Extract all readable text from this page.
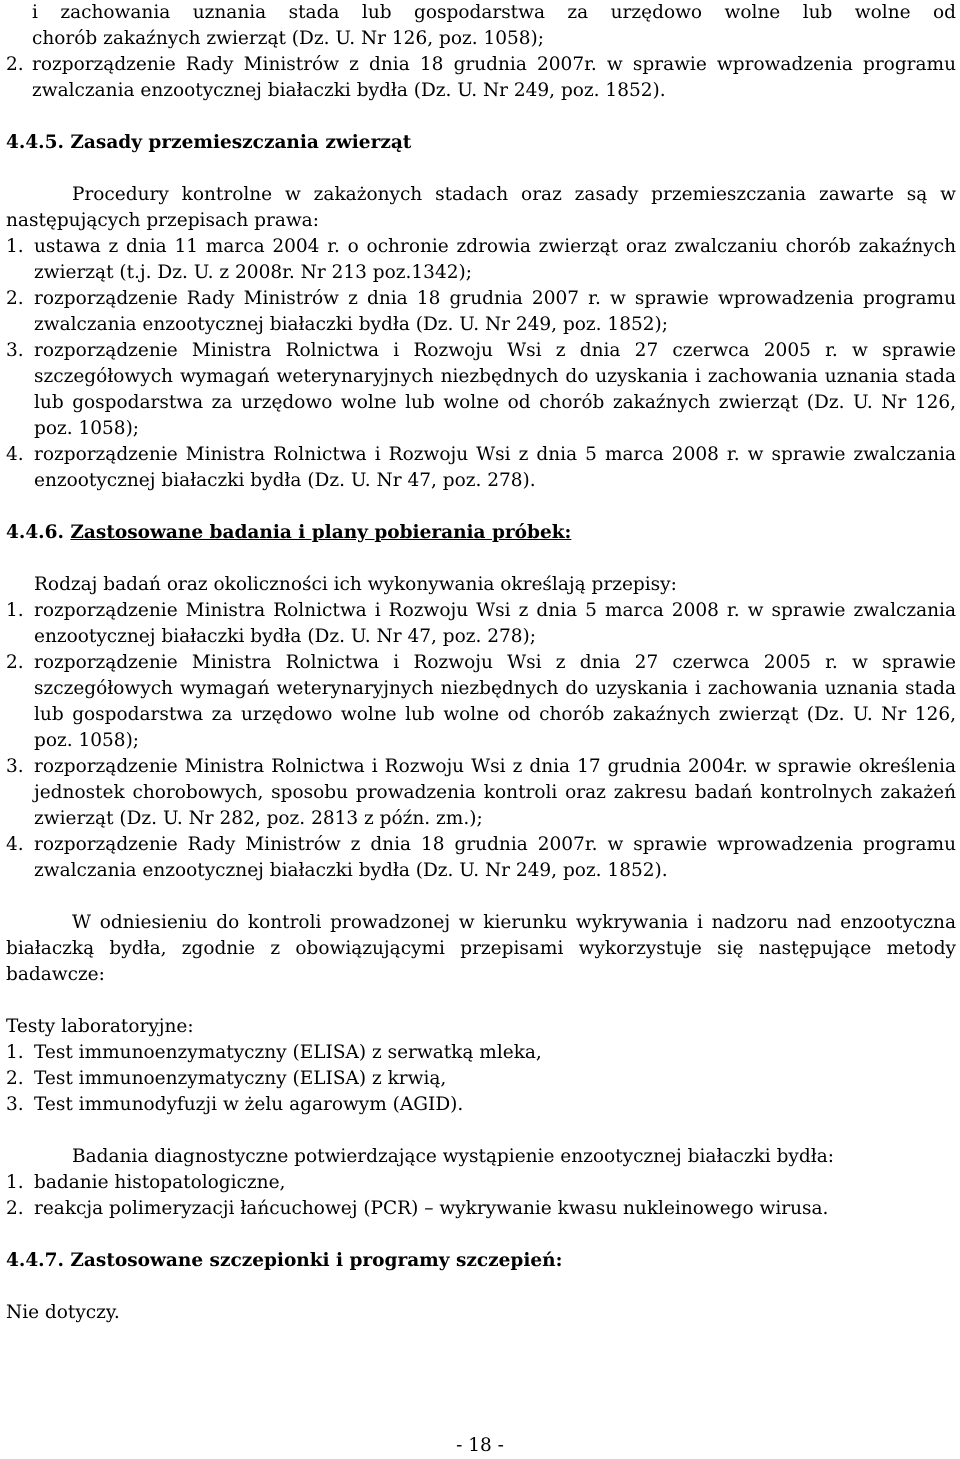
i zachowania uznania stada lub gospodarstwa za urzędowo wolne lub wolne od
chorób zakaźnych zwierząt (Dz. U. Nr 126, poz. 1058);
2. rozporządzenie Rady Ministrów z dnia 18 grudnia 2007r. w sprawie wprowadzenia programu zwalczania enzootycznej białaczki bydła (Dz. U. Nr 249, poz. 1852).

4.4.5. Zasady przemieszczania zwierząt

Procedury kontrolne w zakażonych stadach oraz zasady przemieszczania zawarte są w następujących przepisach prawa:

1. ustawa z dnia 11 marca 2004 r. o ochronie zdrowia zwierząt oraz zwalczaniu chorób zakaźnych zwierząt (t.j. Dz. U. z 2008r. Nr 213 poz.1342);
2. rozporządzenie Rady Ministrów z dnia 18 grudnia 2007 r. w sprawie wprowadzenia programu zwalczania enzootycznej białaczki bydła (Dz. U. Nr 249, poz. 1852);
3. rozporządzenie Ministra Rolnictwa i Rozwoju Wsi z dnia 27 czerwca 2005 r. w sprawie szczegółowych wymagań weterynaryjnych niezbędnych do uzyskania i zachowania uznania stada lub gospodarstwa za urzędowo wolne lub wolne od chorób zakaźnych zwierząt (Dz. U. Nr 126, poz. 1058);
4. rozporządzenie Ministra Rolnictwa i Rozwoju Wsi z dnia 5 marca 2008 r. w sprawie zwalczania enzootycznej białaczki bydła (Dz. U. Nr 47, poz. 278).

4.4.6. Zastosowane badania i plany pobierania próbek:

Rodzaj badań oraz okoliczności ich wykonywania określają przepisy:

1. rozporządzenie Ministra Rolnictwa i Rozwoju Wsi z dnia 5 marca 2008 r. w sprawie zwalczania enzootycznej białaczki bydła (Dz. U. Nr 47, poz. 278);
2. rozporządzenie Ministra Rolnictwa i Rozwoju Wsi z dnia 27 czerwca 2005 r. w sprawie szczegółowych wymagań weterynaryjnych niezbędnych do uzyskania i zachowania uznania stada lub gospodarstwa za urzędowo wolne lub wolne od chorób zakaźnych zwierząt (Dz. U. Nr 126, poz. 1058);
3. rozporządzenie Ministra Rolnictwa i Rozwoju Wsi z dnia 17 grudnia 2004r. w sprawie określenia jednostek chorobowych, sposobu prowadzenia kontroli oraz zakresu badań kontrolnych zakażeń zwierząt (Dz. U. Nr 282, poz. 2813 z późn. zm.);
4. rozporządzenie Rady Ministrów z dnia 18 grudnia 2007r. w sprawie wprowadzenia programu zwalczania enzootycznej białaczki bydła (Dz. U. Nr 249, poz. 1852).

W odniesieniu do kontroli prowadzonej w kierunku wykrywania i nadzoru nad enzootyczna białaczką bydła, zgodnie z obowiązującymi przepisami wykorzystuje się następujące metody badawcze:

Testy laboratoryjne:

1. Test immunoenzymatyczny (ELISA) z serwatką mleka,
2. Test immunoenzymatyczny (ELISA) z krwią,
3. Test immunodyfuzji w żelu agarowym (AGID).

Badania diagnostyczne potwierdzające wystąpienie enzootycznej białaczki bydła:

1. badanie histopatologiczne,
2. reakcja polimeryzacji łańcuchowej (PCR) – wykrywanie kwasu nukleinowego wirusa.

4.4.7. Zastosowane szczepionki i programy szczepień:

Nie dotyczy.

- 18 -
